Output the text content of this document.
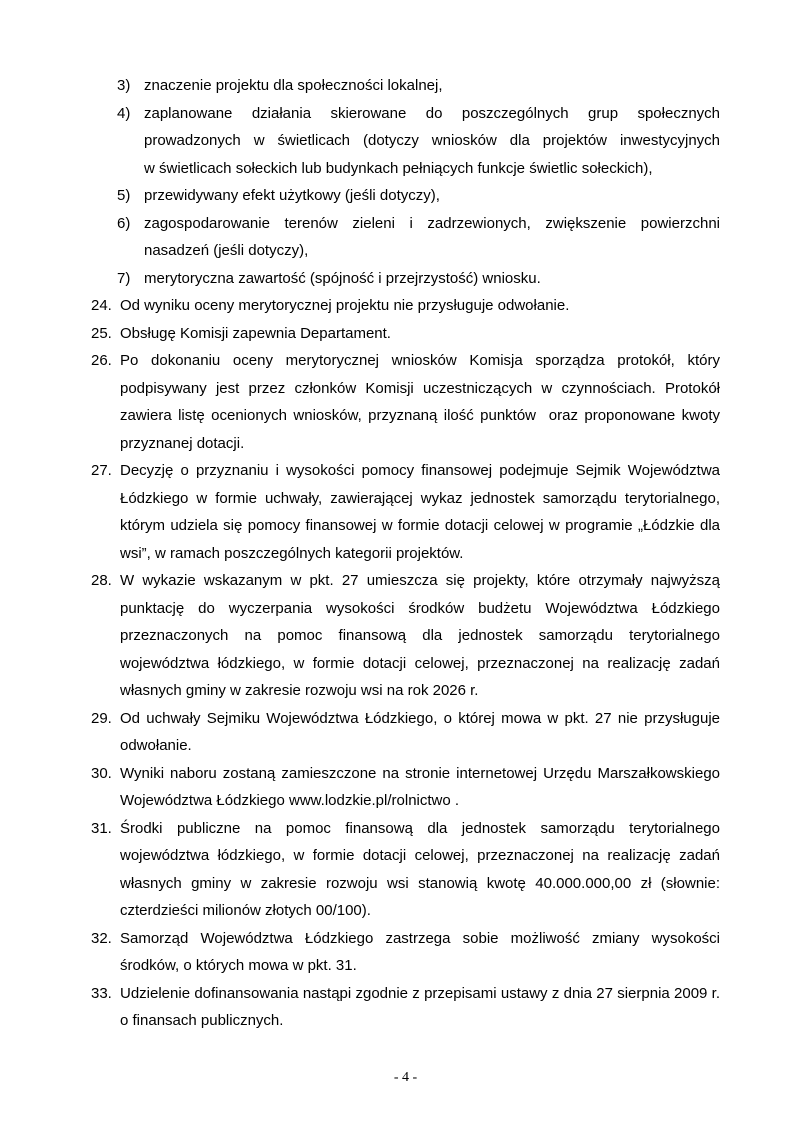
3) znaczenie projektu dla społeczności lokalnej,
4) zaplanowane działania skierowane do poszczególnych grup społecznych prowadzonych w świetlicach (dotyczy wniosków dla projektów inwestycyjnych w świetlicach sołeckich lub budynkach pełniących funkcje świetlic sołeckich),
5) przewidywany efekt użytkowy (jeśli dotyczy),
6) zagospodarowanie terenów zieleni i zadrzewionych, zwiększenie powierzchni nasadzeń (jeśli dotyczy),
7) merytoryczna zawartość (spójność i przejrzystość) wniosku.
24. Od wyniku oceny merytorycznej projektu nie przysługuje odwołanie.
25. Obsługę Komisji zapewnia Departament.
26. Po dokonaniu oceny merytorycznej wniosków Komisja sporządza protokół, który podpisywany jest przez członków Komisji uczestniczących w czynnościach. Protokół zawiera listę ocenionych wniosków, przyznaną ilość punktów  oraz proponowane kwoty przyznanej dotacji.
27. Decyzję o przyznaniu i wysokości pomocy finansowej podejmuje Sejmik Województwa Łódzkiego w formie uchwały, zawierającej wykaz jednostek samorządu terytorialnego, którym udziela się pomocy finansowej w formie dotacji celowej w programie „Łódzkie dla wsi”, w ramach poszczególnych kategorii projektów.
28. W wykazie wskazanym w pkt. 27 umieszcza się projekty, które otrzymały najwyższą punktację do wyczerpania wysokości środków budżetu Województwa Łódzkiego przeznaczonych na pomoc finansową dla jednostek samorządu terytorialnego województwa łódzkiego, w formie dotacji celowej, przeznaczonej na realizację zadań własnych gminy w zakresie rozwoju wsi na rok 2026 r.
29. Od uchwały Sejmiku Województwa Łódzkiego, o której mowa w pkt. 27 nie przysługuje odwołanie.
30. Wyniki naboru zostaną zamieszczone na stronie internetowej Urzędu Marszałkowskiego Województwa Łódzkiego www.lodzkie.pl/rolnictwo .
31. Środki publiczne na pomoc finansową dla jednostek samorządu terytorialnego województwa łódzkiego, w formie dotacji celowej, przeznaczonej na realizację zadań własnych gminy w zakresie rozwoju wsi stanowią kwotę 40.000.000,00 zł (słownie: czterdzieści milionów złotych 00/100).
32. Samorząd Województwa Łódzkiego zastrzega sobie możliwość zmiany wysokości środków, o których mowa w pkt. 31.
33. Udzielenie dofinansowania nastąpi zgodnie z przepisami ustawy z dnia 27 sierpnia 2009 r. o finansach publicznych.
- 4 -
